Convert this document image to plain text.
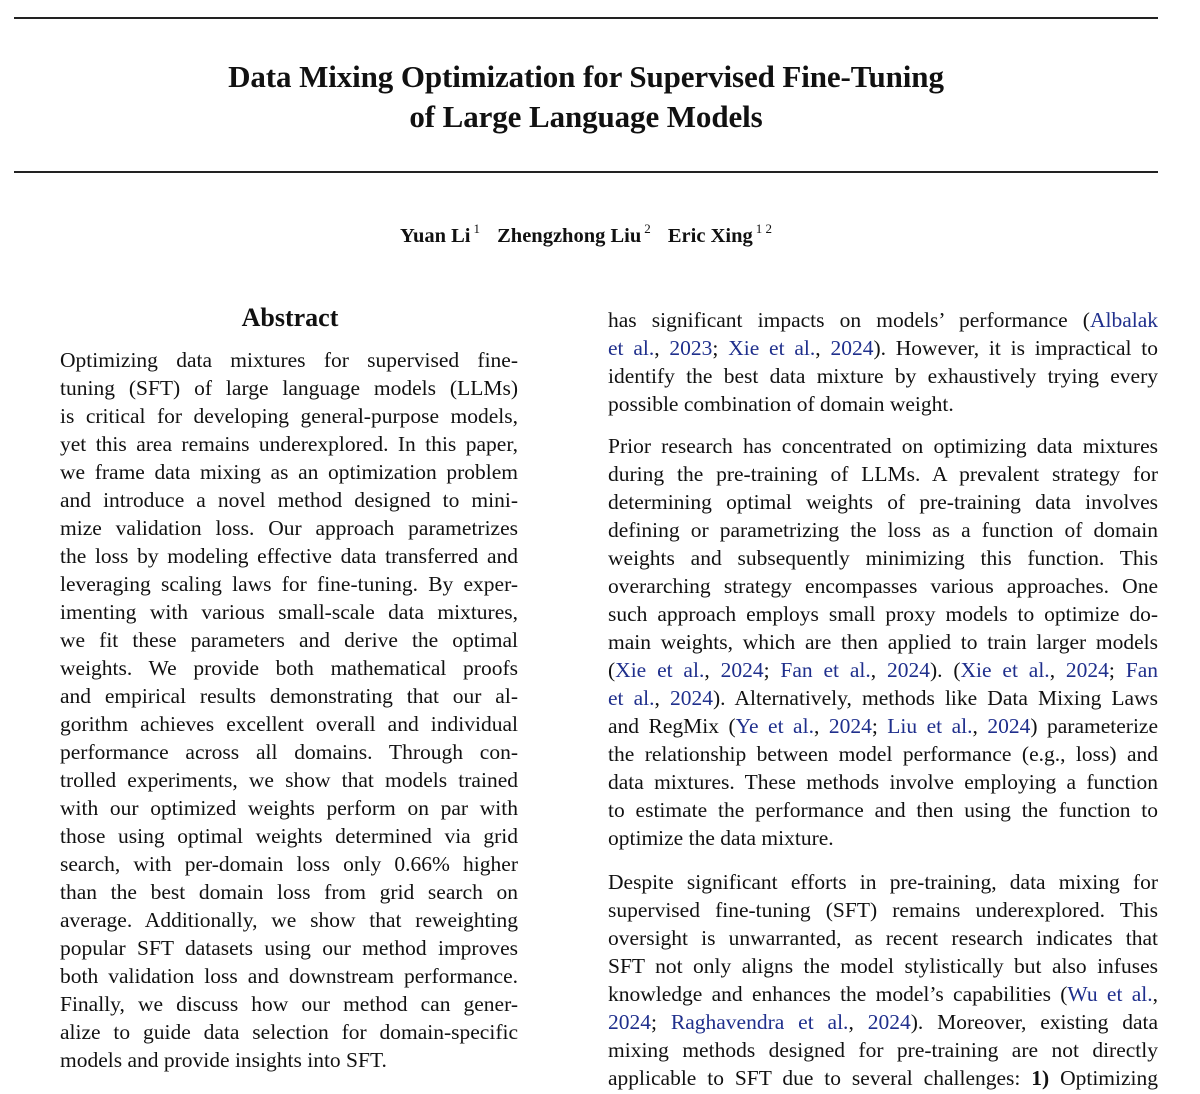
Data Mixing Optimization for Supervised Fine-Tuning
of Large Language Models
Yuan Li $^1$ Zhengzhong Liu $^2$ Eric Xing $^{1 2}$
Abstract
Optimizing data mixtures for supervised fine-
tuning (SFT) of large language models (LLMs)
is critical for developing general-purpose models,
yet this area remains underexplored. In this paper,
we frame data mixing as an optimization problem
and introduce a novel method designed to mini-
mize validation loss. Our approach parametrizes
the loss by modeling effective data transferred and
leveraging scaling laws for fine-tuning. By exper-
imenting with various small-scale data mixtures,
we fit these parameters and derive the optimal
weights. We provide both mathematical proofs
and empirical results demonstrating that our al-
gorithm achieves excellent overall and individual
performance across all domains. Through con-
trolled experiments, we show that models trained
with our optimized weights perform on par with
those using optimal weights determined via grid
search, with per-domain loss only 0.66% higher
than the best domain loss from grid search on
average. Additionally, we show that reweighting
popular SFT datasets using our method improves
both validation loss and downstream performance.
Finally, we discuss how our method can gener-
alize to guide data selection for domain-specific
models and provide insights into SFT.
has significant impacts on models’ performance (Albalak
et al., 2023; Xie et al., 2024). However, it is impractical to
identify the best data mixture by exhaustively trying every
possible combination of domain weight.
Prior research has concentrated on optimizing data mixtures
during the pre-training of LLMs. A prevalent strategy for
determining optimal weights of pre-training data involves
defining or parametrizing the loss as a function of domain
weights and subsequently minimizing this function. This
overarching strategy encompasses various approaches. One
such approach employs small proxy models to optimize do-
main weights, which are then applied to train larger models
(Xie et al., 2024; Fan et al., 2024). (Xie et al., 2024; Fan
et al., 2024). Alternatively, methods like Data Mixing Laws
and RegMix (Ye et al., 2024; Liu et al., 2024) parameterize
the relationship between model performance (e.g., loss) and
data mixtures. These methods involve employing a function
to estimate the performance and then using the function to
optimize the data mixture.
Despite significant efforts in pre-training, data mixing for
supervised fine-tuning (SFT) remains underexplored. This
oversight is unwarranted, as recent research indicates that
SFT not only aligns the model stylistically but also infuses
knowledge and enhances the model’s capabilities (Wu et al.,
2024; Raghavendra et al., 2024). Moreover, existing data
mixing methods designed for pre-training are not directly
applicable to SFT due to several challenges: 1) Optimizing
